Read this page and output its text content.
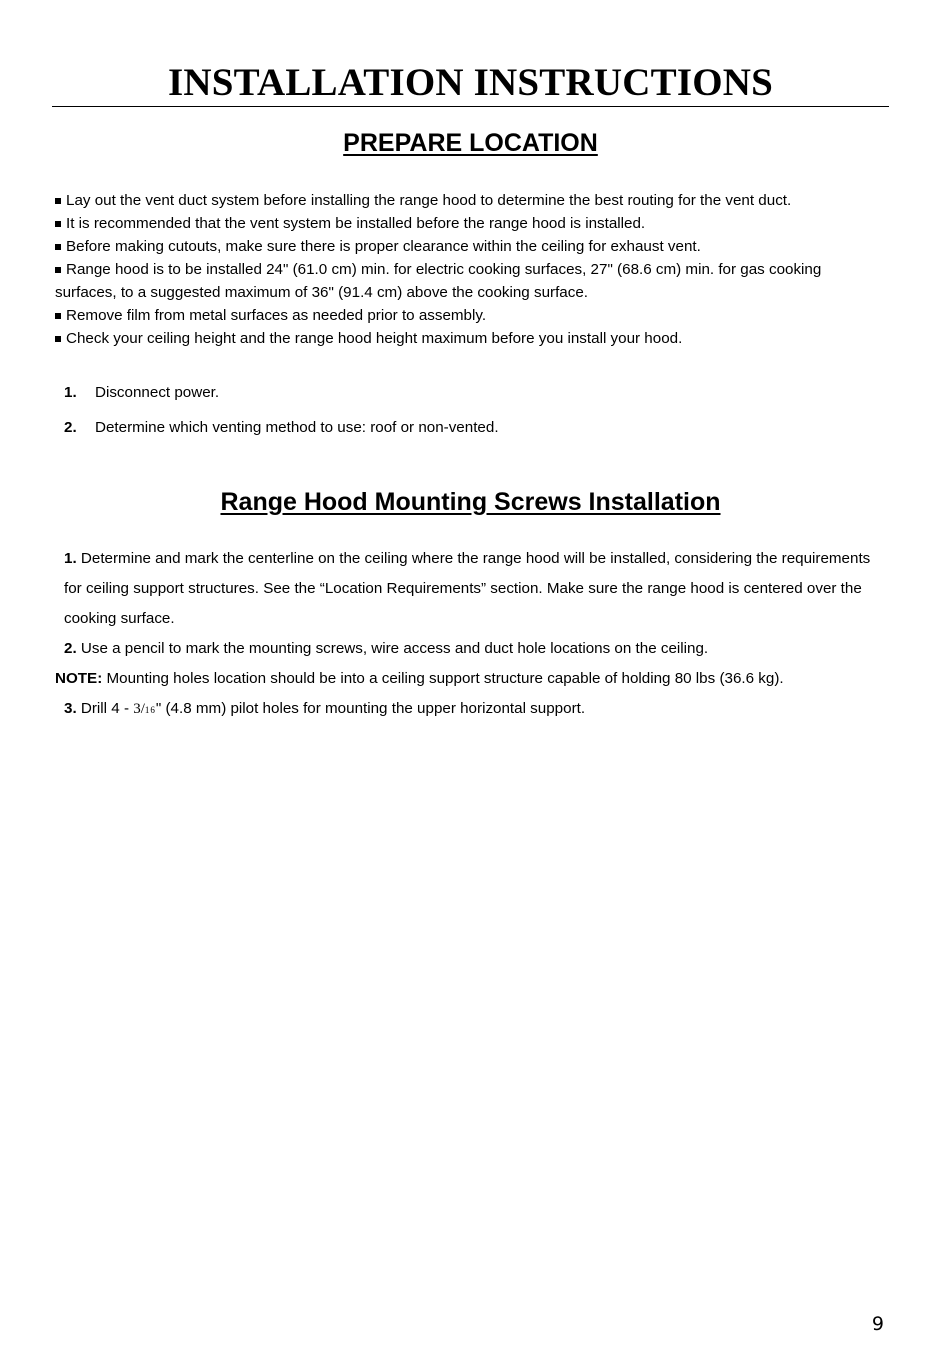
INSTALLATION INSTRUCTIONS
PREPARE LOCATION

Lay out the vent duct system before installing the range hood to determine the best routing for the vent duct.

It is recommended that the vent system be installed before the range hood is installed.

Before making cutouts, make sure there is proper clearance within the ceiling for exhaust vent.

Range hood is to be installed 24" (61.0 cm) min. for electric cooking surfaces, 27" (68.6 cm) min. for gas cooking surfaces, to a suggested maximum of 36" (91.4 cm) above the cooking surface.

Remove film from metal surfaces as needed prior to assembly.

Check your ceiling height and the range hood height maximum before you install your hood.

1. Disconnect power.

2. Determine which venting method to use: roof or non-vented.

Range Hood Mounting Screws Installation

1. Determine and mark the centerline on the ceiling where the range hood will be installed, considering the requirements for ceiling support structures. See the “Location Requirements” section. Make sure the range hood is centered over the cooking surface.

2. Use a pencil to mark the mounting screws, wire access and duct hole locations on the ceiling.

NOTE: Mounting holes location should be into a ceiling support structure capable of holding 80 lbs (36.6 kg).

3. Drill 4 - 3/16" (4.8 mm) pilot holes for mounting the upper horizontal support.

9
